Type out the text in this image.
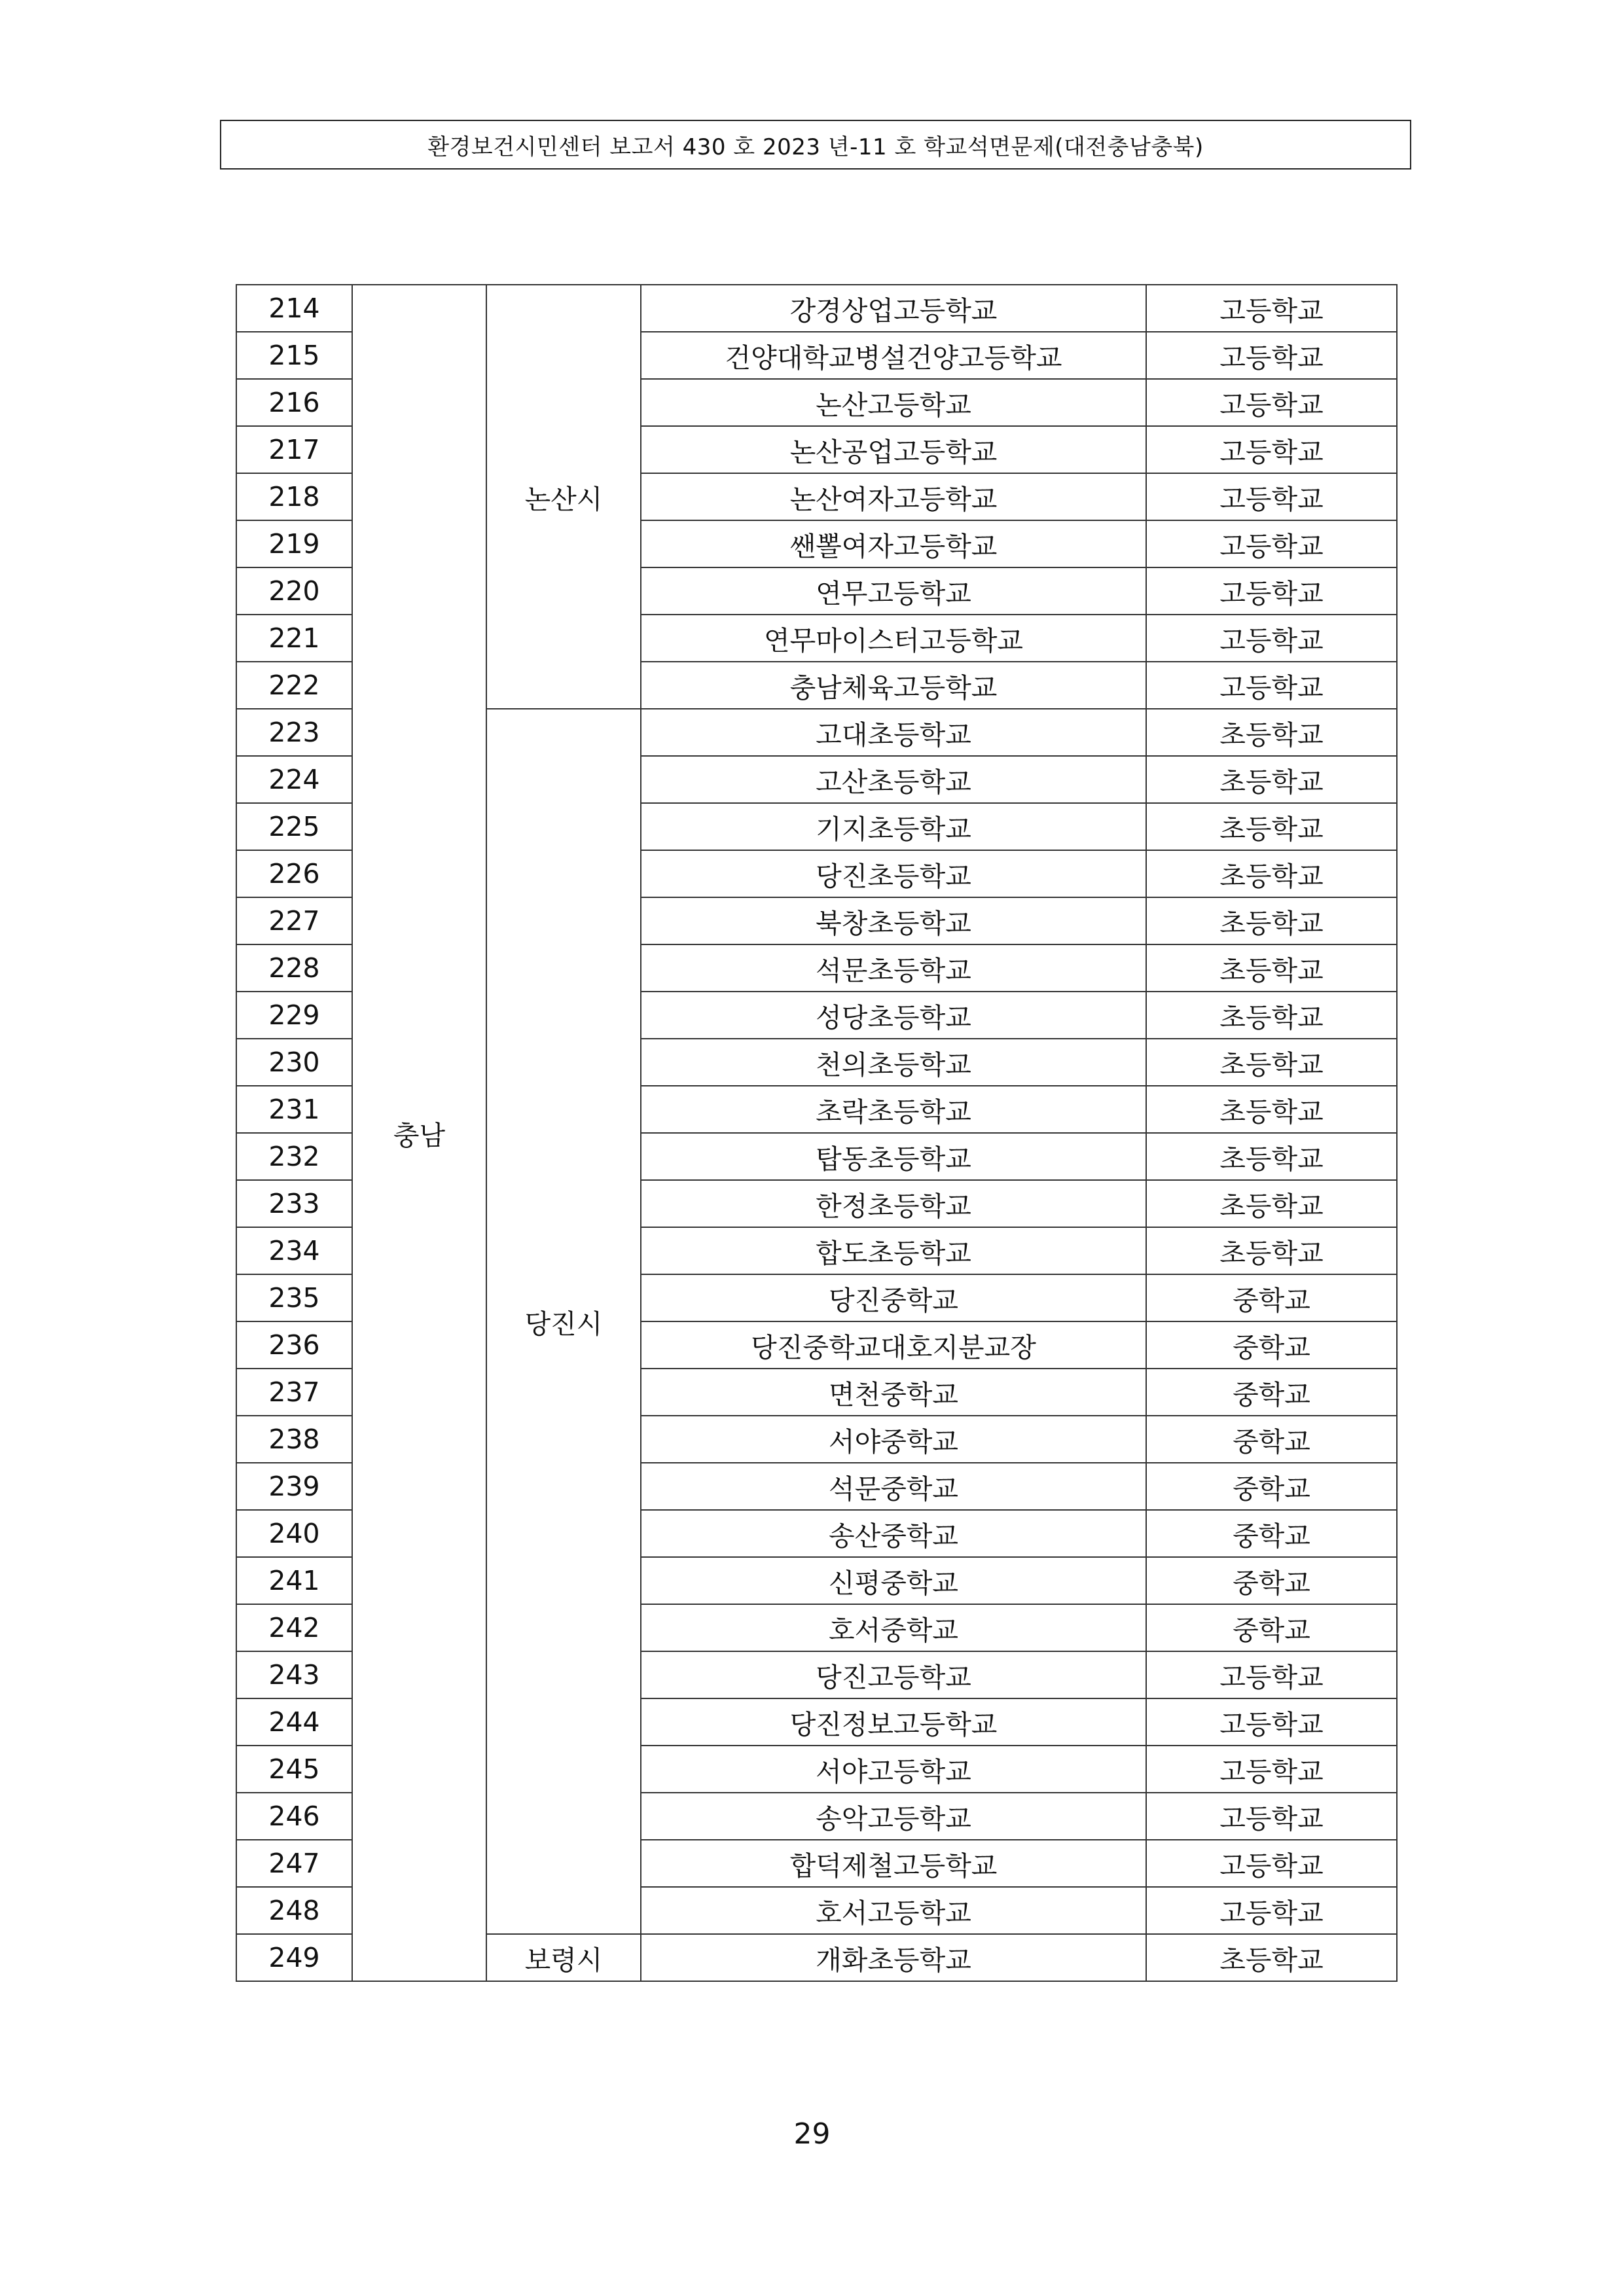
환경보건시민센터 보고서 430 호 2023 년-11 호 학교석면문제(대전충남충북)
214	충남	논산시	강경상업고등학교	고등학교
215			건양대학교병설건양고등학교	고등학교
216			논산고등학교	고등학교
217			논산공업고등학교	고등학교
218			논산여자고등학교	고등학교
219			쌘뽈여자고등학교	고등학교
220			연무고등학교	고등학교
221			연무마이스터고등학교	고등학교
222			충남체육고등학교	고등학교
223		당진시	고대초등학교	초등학교
224			고산초등학교	초등학교
225			기지초등학교	초등학교
226			당진초등학교	초등학교
227			북창초등학교	초등학교
228			석문초등학교	초등학교
229			성당초등학교	초등학교
230			천의초등학교	초등학교
231			초락초등학교	초등학교
232			탑동초등학교	초등학교
233			한정초등학교	초등학교
234			합도초등학교	초등학교
235			당진중학교	중학교
236			당진중학교대호지분교장	중학교
237			면천중학교	중학교
238			서야중학교	중학교
239			석문중학교	중학교
240			송산중학교	중학교
241			신평중학교	중학교
242			호서중학교	중학교
243			당진고등학교	고등학교
244			당진정보고등학교	고등학교
245			서야고등학교	고등학교
246			송악고등학교	고등학교
247			합덕제철고등학교	고등학교
248			호서고등학교	고등학교
249		보령시	개화초등학교	초등학교
29
